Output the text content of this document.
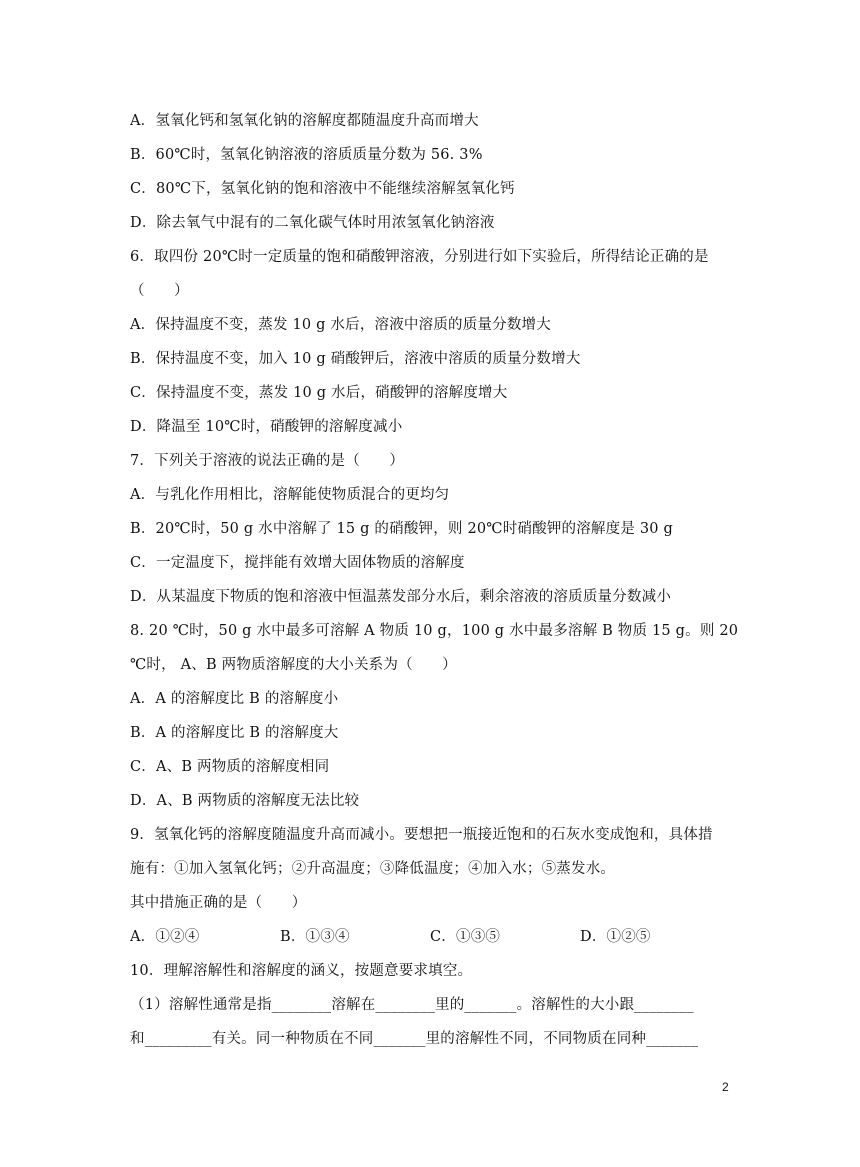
A．氢氧化钙和氢氧化钠的溶解度都随温度升高而增大
B．60℃时，氢氧化钠溶液的溶质质量分数为 56. 3%
C．80℃下，氢氧化钠的饱和溶液中不能继续溶解氢氧化钙
D．除去氧气中混有的二氧化碳气体时用浓氢氧化钠溶液
6．取四份 20℃时一定质量的饱和硝酸钾溶液，分别进行如下实验后，所得结论正确的是
（　　）
A．保持温度不变，蒸发 10 g 水后，溶液中溶质的质量分数增大
B．保持温度不变，加入 10 g 硝酸钾后，溶液中溶质的质量分数增大
C．保持温度不变，蒸发 10 g 水后，硝酸钾的溶解度增大
D．降温至 10℃时，硝酸钾的溶解度减小
7．下列关于溶液的说法正确的是（　　）
A．与乳化作用相比，溶解能使物质混合的更均匀
B．20℃时，50 g 水中溶解了 15 g 的硝酸钾，则 20℃时硝酸钾的溶解度是 30 g
C．一定温度下，搅拌能有效增大固体物质的溶解度
D．从某温度下物质的饱和溶液中恒温蒸发部分水后，剩余溶液的溶质质量分数减小
8. 20 ℃时，50 g 水中最多可溶解 A 物质 10 g，100 g 水中最多溶解 B 物质 15 g。则 20
℃时， A、B 两物质溶解度的大小关系为（　　）
A．A 的溶解度比 B 的溶解度小
B．A 的溶解度比 B 的溶解度大
C．A、B 两物质的溶解度相同
D．A、B 两物质的溶解度无法比较
9．氢氧化钙的溶解度随温度升高而减小。要想把一瓶接近饱和的石灰水变成饱和，具体措
施有：①加入氢氧化钙；②升高温度；③降低温度；④加入水；⑤蒸发水。
其中措施正确的是（　　）
A．①②④	B．①③④	C．①③⑤	D．①②⑤
10．理解溶解性和溶解度的涵义，按题意要求填空。
（1）溶解性通常是指________溶解在________里的_______。溶解性的大小跟________
和_________有关。同一种物质在不同_______里的溶解性不同，不同物质在同种_______
2
